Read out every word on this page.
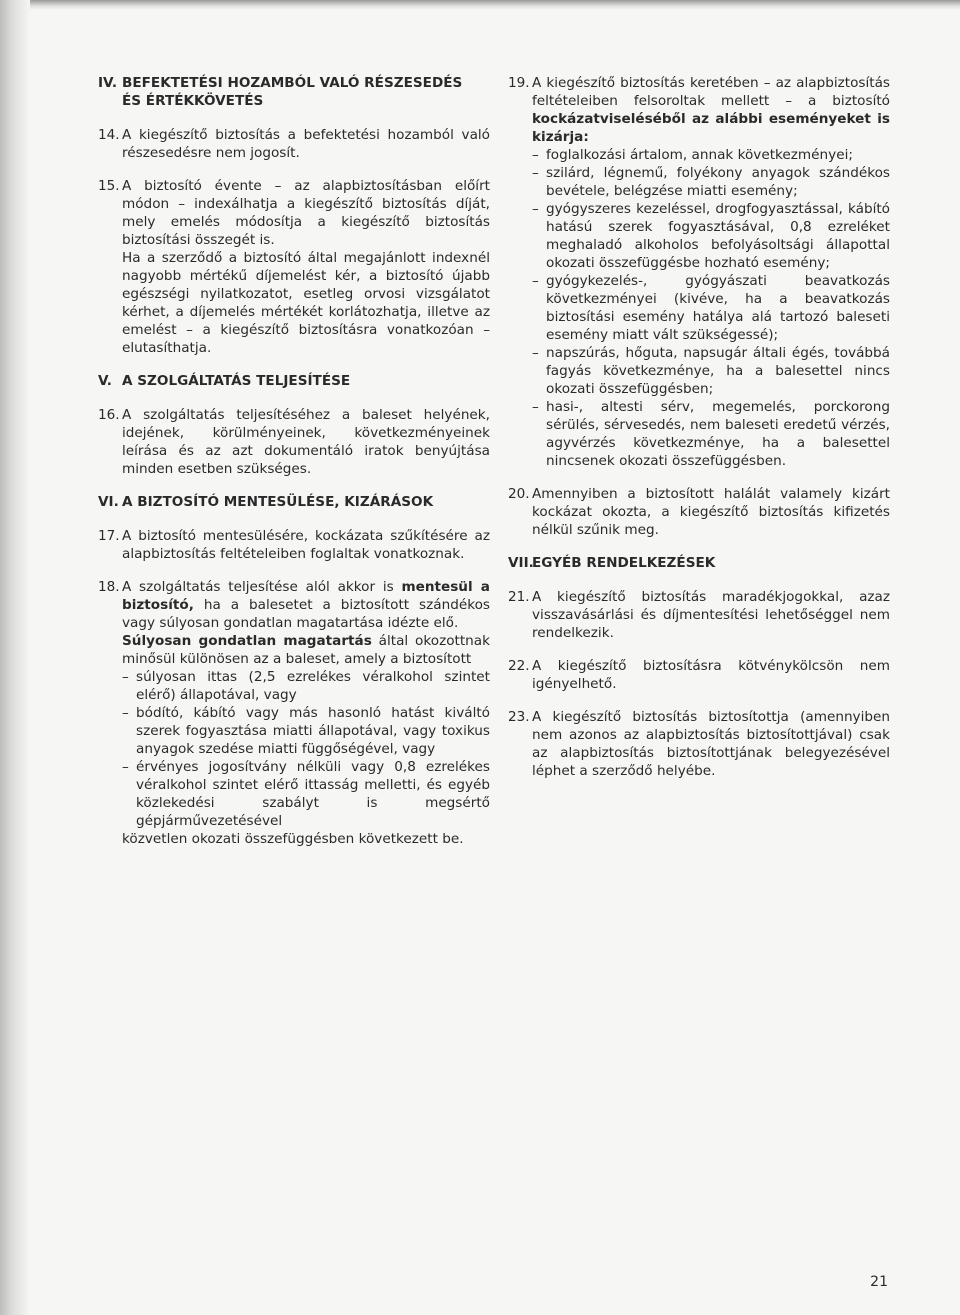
IV. BEFEKTETÉSI HOZAMBÓL VALÓ RÉSZESEDÉS
ÉS ÉRTÉKKÖVETÉS
14. A kiegészítő biztosítás a befektetési hozamból való részesedésre nem jogosít.

15. A biztosító évente – az alapbiztosításban előírt módon – indexálhatja a kiegészítő biztosítás díját, mely emelés módosítja a kiegészítő biztosítás biztosítási összegét is.

Ha a szerződő a biztosító által megajánlott indexnél nagyobb mértékű díjemelést kér, a biztosító újabb egészségi nyilatkozatot, esetleg orvosi vizsgálatot kérhet, a díjemelés mértékét korlátozhatja, illetve az emelést – a kiegészítő biztosításra vonatkozóan – elutasíthatja.

V. A SZOLGÁLTATÁS TELJESÍTÉSE
16. A szolgáltatás teljesítéséhez a baleset helyének, idejének, körülményeinek, következményeinek leírása és az azt dokumentáló iratok benyújtása minden esetben szükséges.

VI. A BIZTOSÍTÓ MENTESÜLÉSE, KIZÁRÁSOK
17. A biztosító mentesülésére, kockázata szűkítésére az alapbiztosítás feltételeiben foglaltak vonatkoznak.

18. A szolgáltatás teljesítése alól akkor is mentesül a biztosító, ha a balesetet a biztosított szándékos vagy súlyosan gondatlan magatartása idézte elő.

Súlyosan gondatlan magatartás által okozottnak minősül különösen az a baleset, amely a biztosított

– súlyosan ittas (2,5 ezrelékes véralkohol szintet elérő) állapotával, vagy
– bódító, kábító vagy más hasonló hatást kiváltó szerek fogyasztása miatti állapotával, vagy toxikus anyagok szedése miatti függőségével, vagy
– érvényes jogosítvány nélküli vagy 0,8 ezrelékes véralkohol szintet elérő ittasság melletti, és egyéb közlekedési szabályt is megsértő gépjárművezetésével

közvetlen okozati összefüggésben következett be.

19. A kiegészítő biztosítás keretében – az alapbiztosítás feltételeiben felsoroltak mellett – a biztosító kockázatviseléséből az alábbi eseményeket is kizárja:

– foglalkozási ártalom, annak következményei;
– szilárd, légnemű, folyékony anyagok szándékos bevétele, belégzése miatti esemény;
– gyógyszeres kezeléssel, drogfogyasztással, kábító hatású szerek fogyasztásával, 0,8 ezreléket meghaladó alkoholos befolyásoltsági állapottal okozati összefüggésbe hozható esemény;
– gyógykezelés-, gyógyászati beavatkozás következményei (kivéve, ha a beavatkozás biztosítási esemény hatálya alá tartozó baleseti esemény miatt vált szükségessé);
– napszúrás, hőguta, napsugár általi égés, továbbá fagyás következménye, ha a balesettel nincs okozati összefüggésben;
– hasi-, altesti sérv, megemelés, porckorong sérülés, sérvesedés, nem baleseti eredetű vérzés, agyvérzés következménye, ha a balesettel nincsenek okozati összefüggésben.
20. Amennyiben a biztosított halálát valamely kizárt kockázat okozta, a kiegészítő biztosítás kifizetés nélkül szűnik meg.

VII.
EGYÉB RENDELKEZÉSEK
21. A kiegészítő biztosítás maradékjogokkal, azaz visszavásárlási és díjmentesítési lehetőséggel nem rendelkezik.

22. A kiegészítő biztosításra kötvénykölcsön nem igényelhető.

23. A kiegészítő biztosítás biztosítottja (amennyiben nem azonos az alapbiztosítás biztosítottjával) csak az alapbiztosítás biztosítottjának belegyezésével léphet a szerződő helyébe.

21
